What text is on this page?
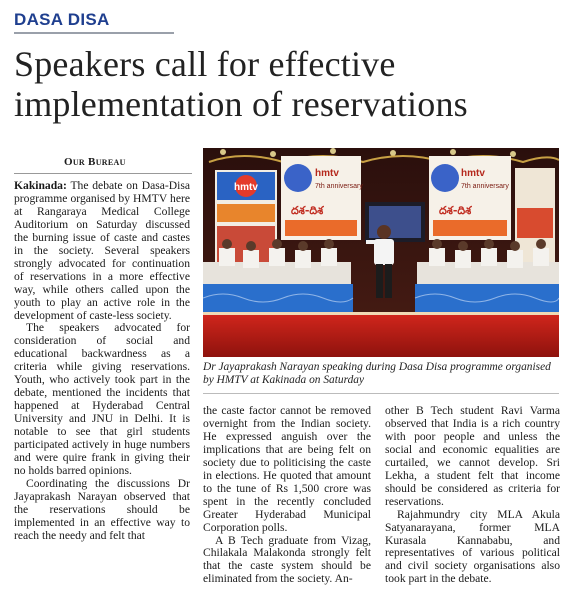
DASA DISA
Speakers call for effective implementation of reservations
Our Bureau

Kakinada: The debate on Dasa-Disa programme organised by HMTV here at Rangaraya Medical College Auditorium on Saturday discussed the burning issue of caste and castes in the society. Several speakers strongly advocated for continuation of reservations in a more effective way, while others called upon the youth to play an active role in the development of caste-less society.

The speakers advocated for consideration of social and educational backwardness as a criteria while giving reservations. Youth, who actively took part in the debate, mentioned the incidents that happened at Hyderabad Central University and JNU in Delhi. It is notable to see that girl students participated actively in huge numbers and were quire frank in giving their no holds barred opinions.

Coordinating the discussions Dr Jayaprakash Narayan observed that the reservations should be implemented in an effective way to reach the needy and felt that

hmtv
hmtv
7th anniversary
దశ-దిశ
hmtv
7th anniversary
దశ-దిశ

Dr Jayaprakash Narayan speaking during Dasa Disa programme organised by HMTV at Kakinada on Saturday

the caste factor cannot be removed overnight from the Indian society. He expressed anguish over the implications that are being felt on society due to politicising the caste in elections. He quoted that amount to the tune of Rs 1,500 crore was spent in the recently concluded Greater Hyderabad Municipal Corporation polls.

A B Tech graduate from Vizag, Chilakala Malakonda strongly felt that the caste system should be eliminated from the society. An-

other B Tech student Ravi Varma observed that India is a rich country with poor people and unless the social and economic equalities are curtailed, we cannot develop. Sri Lekha, a student felt that income should be considered as criteria for reservations.

Rajahmundry city MLA Akula Satyanarayana, former MLA Kurasala Kannababu, and representatives of various political and civil society organisations also took part in the debate.
